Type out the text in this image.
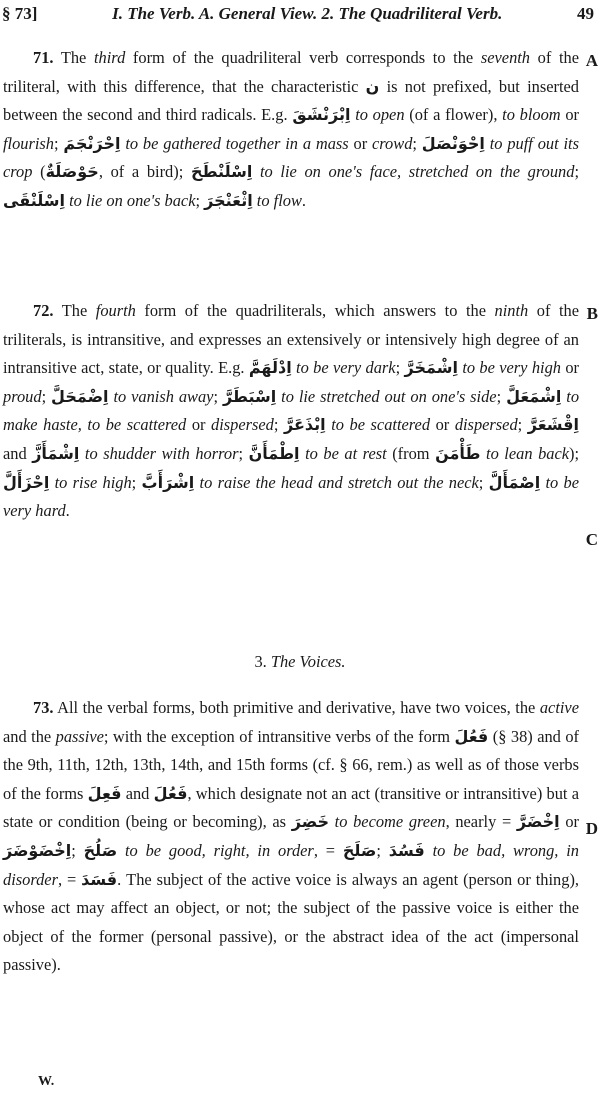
§ 73]	I. The Verb. A. General View. 2. The Quadriliteral Verb.	49
A
B
C
D
71. The third form of the quadriliteral verb corresponds to the seventh of the triliteral, with this difference, that the characteristic ن is not prefixed, but inserted between the second and third radicals. E.g. اِبْرَنْشَقَ to open (of a flower), to bloom or flourish; اِحْرَنْجَمَ to be gathered together in a mass or crowd; اِحْوَنْصَلَ to puff out its crop (حَوْصَلَةٌ, of a bird); اِسْلَنْطَحَ to lie on one's face, stretched on the ground; اِسْلَنْقَى to lie on one's back; اِثْعَنْجَرَ to flow.
72. The fourth form of the quadriliterals, which answers to the ninth of the triliterals, is intransitive, and expresses an extensively or intensively high degree of an intransitive act, state, or quality. E.g. اِدْلَهَمَّ to be very dark; اِشْمَخَرَّ to be very high or proud; اِضْمَحَلَّ to vanish away; اِسْبَطَرَّ to lie stretched out on one's side; اِشْمَعَلَّ to make haste, to be scattered or dispersed; اِبْذَعَرَّ to be scattered or dispersed; اِقْشَعَرَّ and اِشْمَأَزَّ to shudder with horror; اِطْمَأَنَّ to be at rest (from طَأْمَنَ to lean back); اِحْزَأَلَّ to rise high; اِشْرَأَبَّ to raise the head and stretch out the neck; اِصْمَأَلَّ to be very hard.
3. The Voices.
73. All the verbal forms, both primitive and derivative, have two voices, the active and the passive; with the exception of intransitive verbs of the form فَعُلَ (§ 38) and of the 9th, 11th, 12th, 13th, 14th, and 15th forms (cf. § 66, rem.) as well as of those verbs of the forms فَعِلَ and فَعُلَ, which designate not an act (transitive or intransitive) but a state or condition (being or becoming), as خَضِرَ to become green, nearly = اِخْضَرَّ or اِخْضَوْضَرَ; صَلُحَ to be good, right, in order, = صَلَحَ; فَسُدَ to be bad, wrong, in disorder, = فَسَدَ. The subject of the active voice is always an agent (person or thing), whose act may affect an object, or not; the subject of the passive voice is either the object of the former (personal passive), or the abstract idea of the act (impersonal passive).
W.
